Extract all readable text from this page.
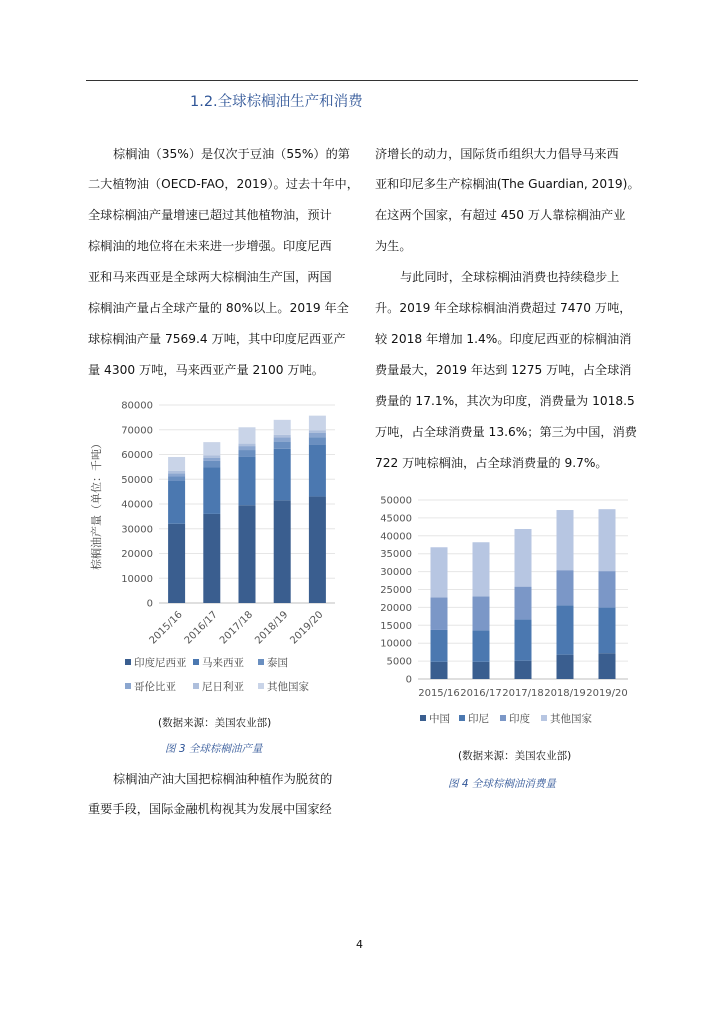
1.2.全球棕榈油生产和消费
棕榈油（35%）是仅次于豆油（55%）的第
二大植物油（OECD-FAO，2019）。过去十年中，
全球棕榈油产量增速已超过其他植物油，预计
棕榈油的地位将在未来进一步增强。印度尼西
亚和马来西亚是全球两大棕榈油生产国，两国
棕榈油产量占全球产量的 80%以上。2019 年全
球棕榈油产量 7569.4 万吨，其中印度尼西亚产
量 4300 万吨，马来西亚产量 2100 万吨。
济增长的动力，国际货币组织大力倡导马来西
亚和印尼多生产棕榈油(The Guardian, 2019)。
在这两个国家，有超过 450 万人靠棕榈油产业
为生。
与此同时，全球棕榈油消费也持续稳步上
升。2019 年全球棕榈油消费超过 7470 万吨，
较 2018 年增加 1.4%。印度尼西亚的棕榈油消
费量最大，2019 年达到 1275 万吨，占全球消
费量的 17.1%，其次为印度，消费量为 1018.5
万吨，占全球消费量 13.6%；第三为中国，消费
722 万吨棕榈油，占全球消费量的 9.7%。
0
10000
20000
30000
40000
50000
60000
70000
80000
2015/16
2016/17
2017/18
2018/19
2019/20
棕榈油产量（单位：千吨）
印度尼西亚	马来西亚	泰国
哥伦比亚	尼日利亚	其他国家
(数据来源：美国农业部)
图 3 全球棕榈油产量
棕榈油产油大国把棕榈油种植作为脱贫的
重要手段，国际金融机构视其为发展中国家经
0
5000
10000
15000
20000
25000
30000
35000
40000
45000
50000
2015/16 2016/17 2017/18 2018/19 2019/20
中国	印尼	印度	其他国家
(数据来源：美国农业部)
图 4 全球棕榈油消费量
4
